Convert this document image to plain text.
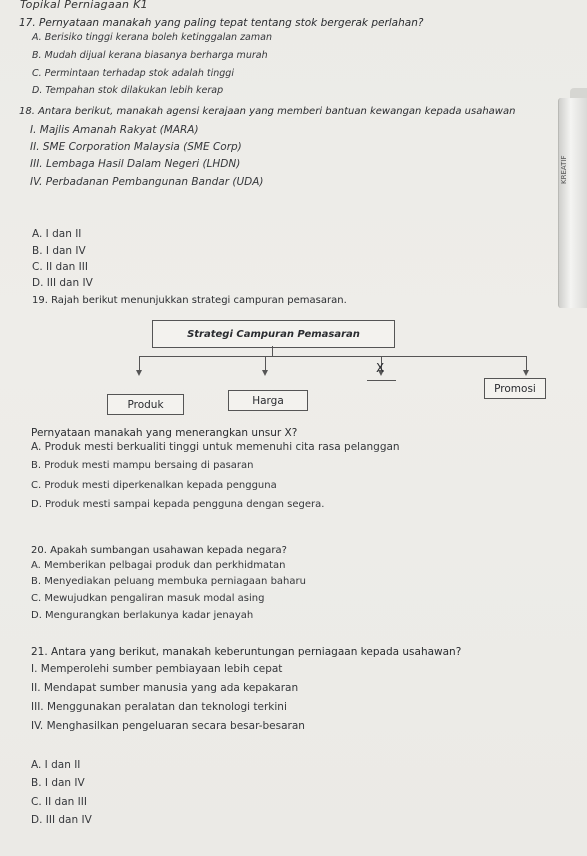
Topikal Perniagaan K1
KREATIF
17. Pernyataan manakah yang paling tepat tentang stok bergerak perlahan?
A. Berisiko tinggi kerana boleh ketinggalan zaman
B. Mudah dijual kerana biasanya berharga murah
C. Permintaan terhadap stok adalah tinggi
D. Tempahan stok dilakukan lebih kerap
18. Antara berikut, manakah agensi kerajaan yang memberi bantuan kewangan kepada usahawan
I. Majlis Amanah Rakyat (MARA)
II. SME Corporation Malaysia (SME Corp)
III. Lembaga Hasil Dalam Negeri (LHDN)
IV. Perbadanan Pembangunan Bandar (UDA)
A. I dan II
B. I dan IV
C. II dan III
D. III dan IV
19. Rajah berikut menunjukkan strategi campuran pemasaran.
Strategi Campuran Pemasaran
Produk	Harga
X
Promosi
Pernyataan manakah yang menerangkan unsur X?
A. Produk mesti berkualiti tinggi untuk memenuhi cita rasa pelanggan
B. Produk mesti mampu bersaing di pasaran
C. Produk mesti diperkenalkan kepada pengguna
D. Produk mesti sampai kepada pengguna dengan segera.
20. Apakah sumbangan usahawan kepada negara?
A. Memberikan pelbagai produk dan perkhidmatan
B. Menyediakan peluang membuka perniagaan baharu
C. Mewujudkan pengaliran masuk modal asing
D. Mengurangkan berlakunya kadar jenayah
21. Antara yang berikut, manakah keberuntungan perniagaan kepada usahawan?
I. Memperolehi sumber pembiayaan lebih cepat
II. Mendapat sumber manusia yang ada kepakaran
III. Menggunakan peralatan dan teknologi terkini
IV. Menghasilkan pengeluaran secara besar-besaran
A. I dan II
B. I dan IV
C. II dan III
D. III dan IV
